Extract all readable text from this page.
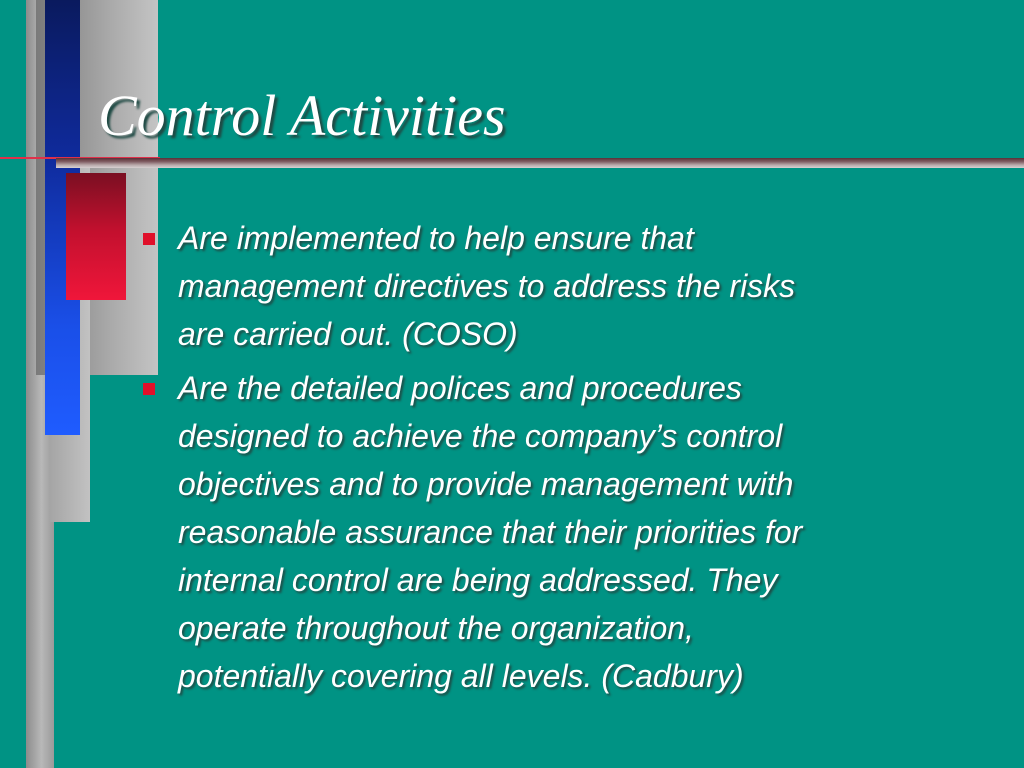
Control Activities
Are implemented to help ensure that
management directives to address the risks
are carried out. (COSO)
Are the detailed polices and procedures
designed to achieve the company’s control
objectives and to provide management with
reasonable assurance that their priorities for
internal control are being addressed. They
operate throughout the organization,
potentially covering all levels. (Cadbury)
